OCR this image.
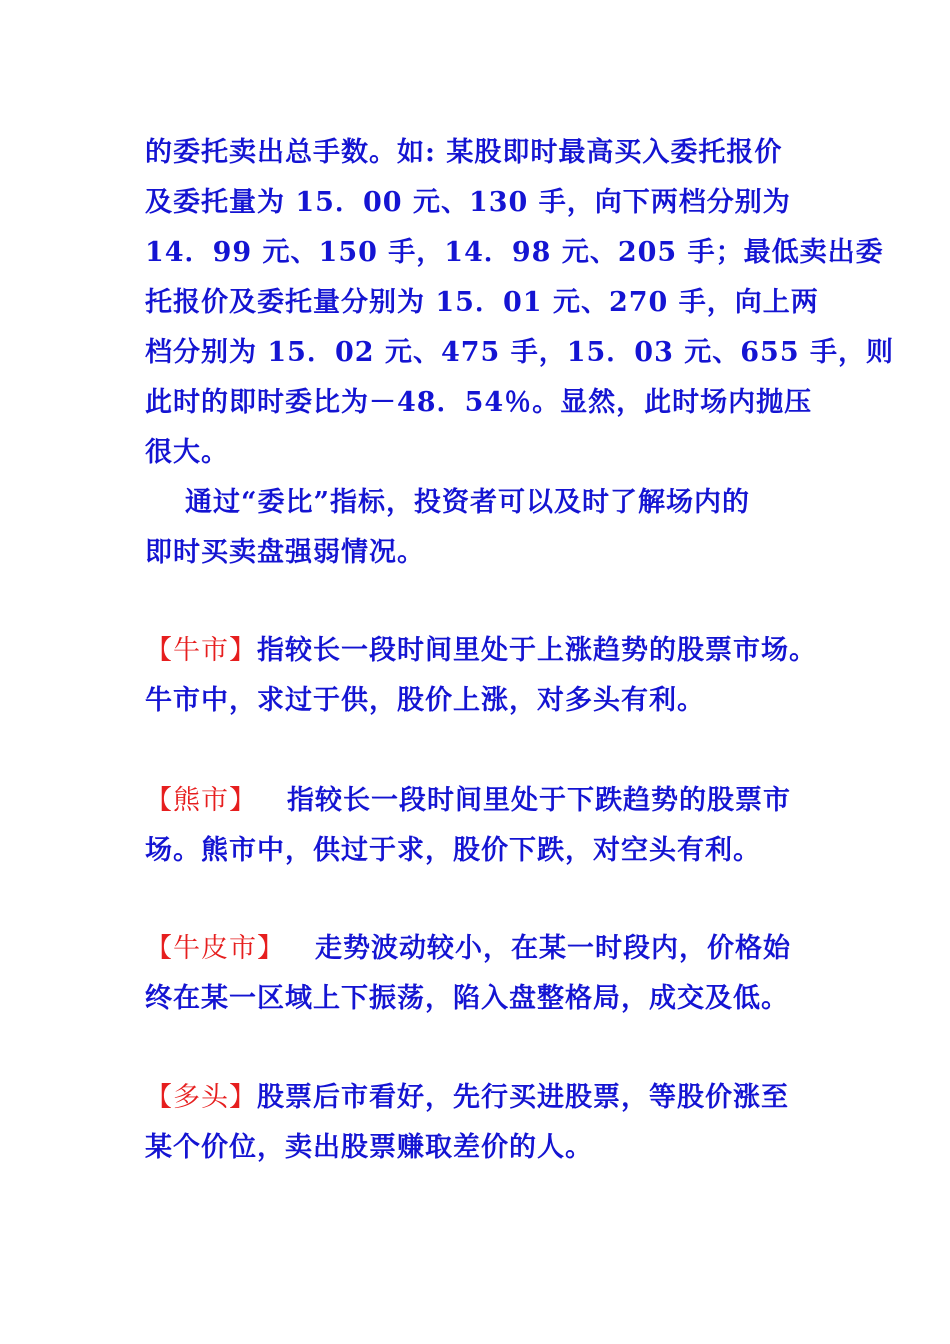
的委托卖出总手数。如: 某股即时最高买入委托报价
及委托量为 15．00 元、130 手，向下两档分别为
14．99 元、150 手，14．98 元、205 手；最低卖出委
托报价及委托量分别为 15．01 元、270 手，向上两
档分别为 15．02 元、475 手，15．03 元、655 手，则
此时的即时委比为－48．54％。显然，此时场内抛压
很大。
通过“委比”指标，投资者可以及时了解场内的
即时买卖盘强弱情况。
【牛市】指较长一段时间里处于上涨趋势的股票市场。
牛市中，求过于供，股价上涨，对多头有利。
【熊市】 指较长一段时间里处于下跌趋势的股票市
场。熊市中，供过于求，股价下跌，对空头有利。
【牛皮市】 走势波动较小，在某一时段内，价格始
终在某一区域上下振荡，陷入盘整格局，成交及低。
【多头】股票后市看好，先行买进股票，等股价涨至
某个价位，卖出股票赚取差价的人。
